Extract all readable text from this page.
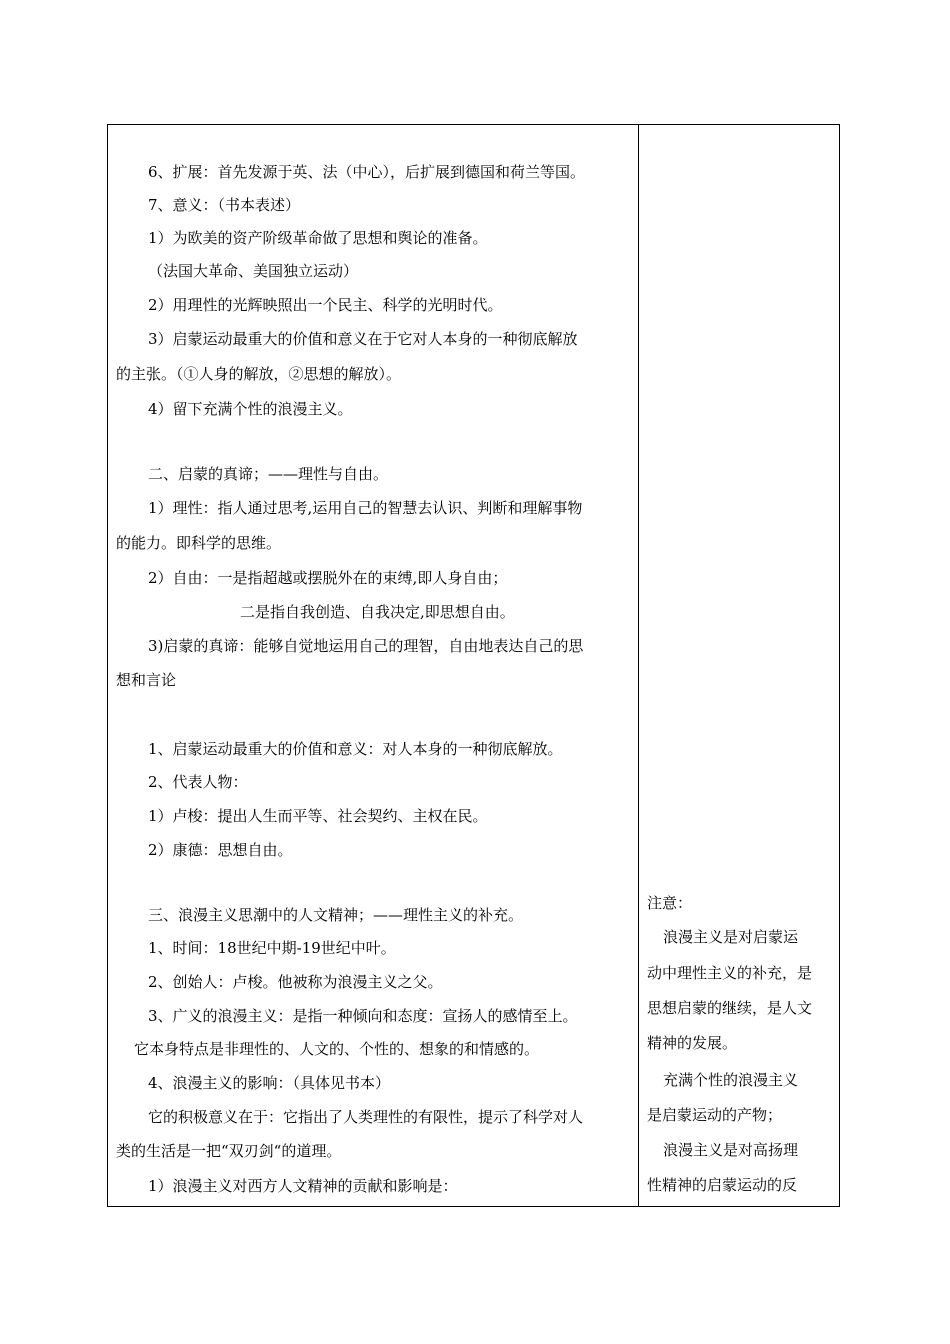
6、扩展：首先发源于英、法（中心），后扩展到德国和荷兰等国。
7、意义：（书本表述）
1）为欧美的资产阶级革命做了思想和舆论的准备。
（法国大革命、美国独立运动）
2）用理性的光辉映照出一个民主、科学的光明时代。
3）启蒙运动最重大的价值和意义在于它对人本身的一种彻底解放
的主张。（①人身的解放，②思想的解放）。
4）留下充满个性的浪漫主义。
二、启蒙的真谛；——理性与自由。
1）理性：指人通过思考,运用自己的智慧去认识、判断和理解事物
的能力。即科学的思维。
2）自由：一是指超越或摆脱外在的束缚,即人身自由；
二是指自我创造、自我决定,即思想自由。
3)启蒙的真谛：能够自觉地运用自己的理智，自由地表达自己的思
想和言论
1、启蒙运动最重大的价值和意义：对人本身的一种彻底解放。
2、代表人物：
1）卢梭：提出人生而平等、社会契约、主权在民。
2）康德：思想自由。
三、浪漫主义思潮中的人文精神；——理性主义的补充。
1、时间：18世纪中期-19世纪中叶。
2、创始人：卢梭。他被称为浪漫主义之父。
3、广义的浪漫主义：是指一种倾向和态度：宣扬人的感情至上。
它本身特点是非理性的、人文的、个性的、想象的和情感的。
4、浪漫主义的影响：（具体见书本）
它的积极意义在于：它指出了人类理性的有限性，提示了科学对人
类的生活是一把“双刃剑“的道理。
1）浪漫主义对西方人文精神的贡献和影响是：
注意：
浪漫主义是对启蒙运
动中理性主义的补充，是
思想启蒙的继续，是人文
精神的发展。
充满个性的浪漫主义
是启蒙运动的产物；
浪漫主义是对高扬理
性精神的启蒙运动的反
